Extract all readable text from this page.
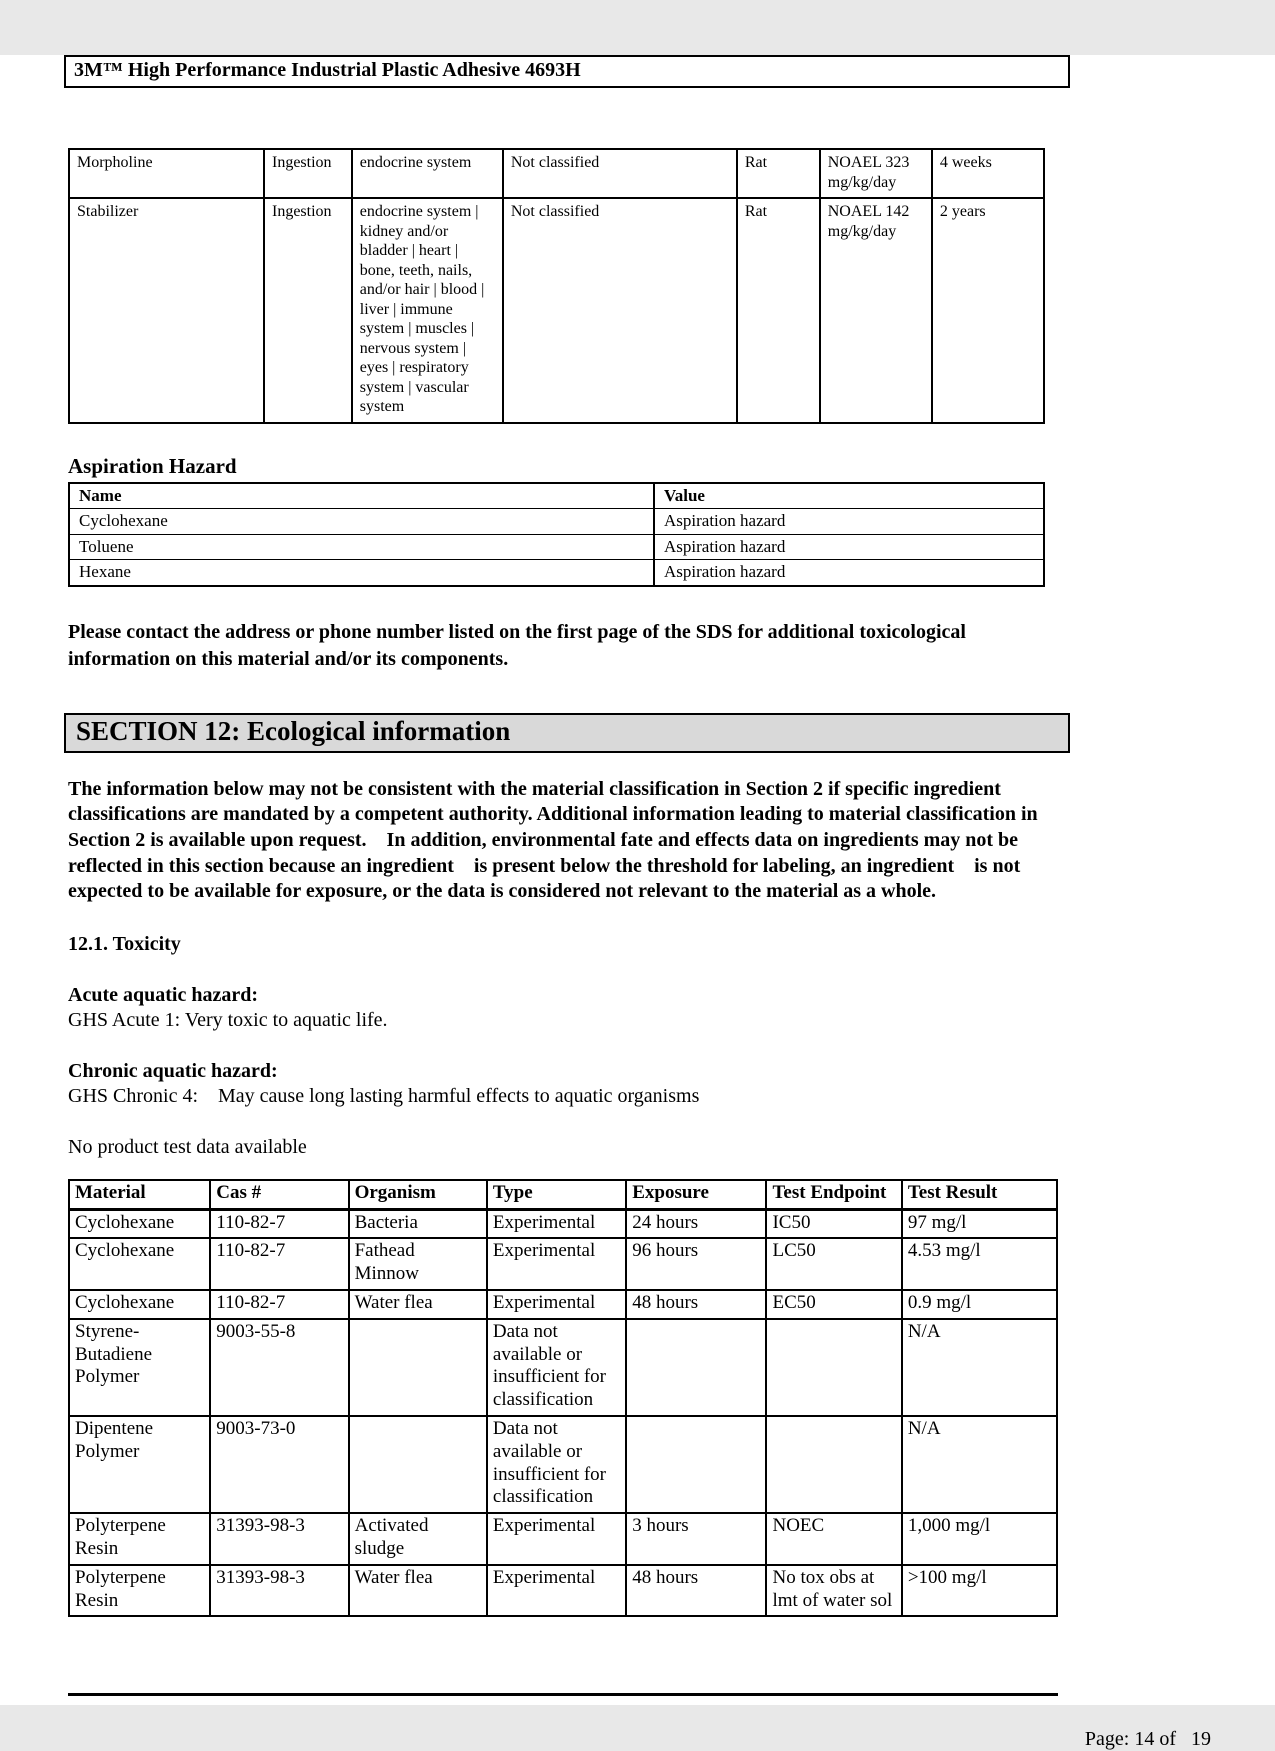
3M™ High Performance Industrial Plastic Adhesive 4693H
Morpholine	Ingestion	endocrine system	Not classified	Rat	NOAEL 323 mg/kg/day	4 weeks
Stabilizer	Ingestion	endocrine system | kidney and/or bladder | heart | bone, teeth, nails, and/or hair | blood | liver | immune system | muscles | nervous system | eyes | respiratory system | vascular system	Not classified	Rat	NOAEL 142 mg/kg/day	2 years
Aspiration Hazard
Name	Value
Cyclohexane	Aspiration hazard
Toluene	Aspiration hazard
Hexane	Aspiration hazard

Please contact the address or phone number listed on the first page of the SDS for additional toxicological information on this material and/or its components.

SECTION 12: Ecological information

The information below may not be consistent with the material classification in Section 2 if specific ingredient classifications are mandated by a competent authority. Additional information leading to material classification in Section 2 is available upon request.    In addition, environmental fate and effects data on ingredients may not be reflected in this section because an ingredient    is present below the threshold for labeling, an ingredient    is not expected to be available for exposure, or the data is considered not relevant to the material as a whole.

12.1. Toxicity
Acute aquatic hazard:

GHS Acute 1: Very toxic to aquatic life.

Chronic aquatic hazard:

GHS Chronic 4:    May cause long lasting harmful effects to aquatic organisms

No product test data available

Material	Cas #	Organism	Type	Exposure	Test Endpoint	Test Result
Cyclohexane	110-82-7	Bacteria	Experimental	24 hours	IC50	97 mg/l
Cyclohexane	110-82-7	Fathead Minnow	Experimental	96 hours	LC50	4.53 mg/l
Cyclohexane	110-82-7	Water flea	Experimental	48 hours	EC50	0.9 mg/l
Styrene-Butadiene Polymer	9003-55-8		Data not available or insufficient for classification			N/A
Dipentene Polymer	9003-73-0		Data not available or insufficient for classification			N/A
Polyterpene Resin	31393-98-3	Activated sludge	Experimental	3 hours	NOEC	1,000 mg/l
Polyterpene Resin	31393-98-3	Water flea	Experimental	48 hours	No tox obs at lmt of water sol	>100 mg/l
Page: 14 of   19
